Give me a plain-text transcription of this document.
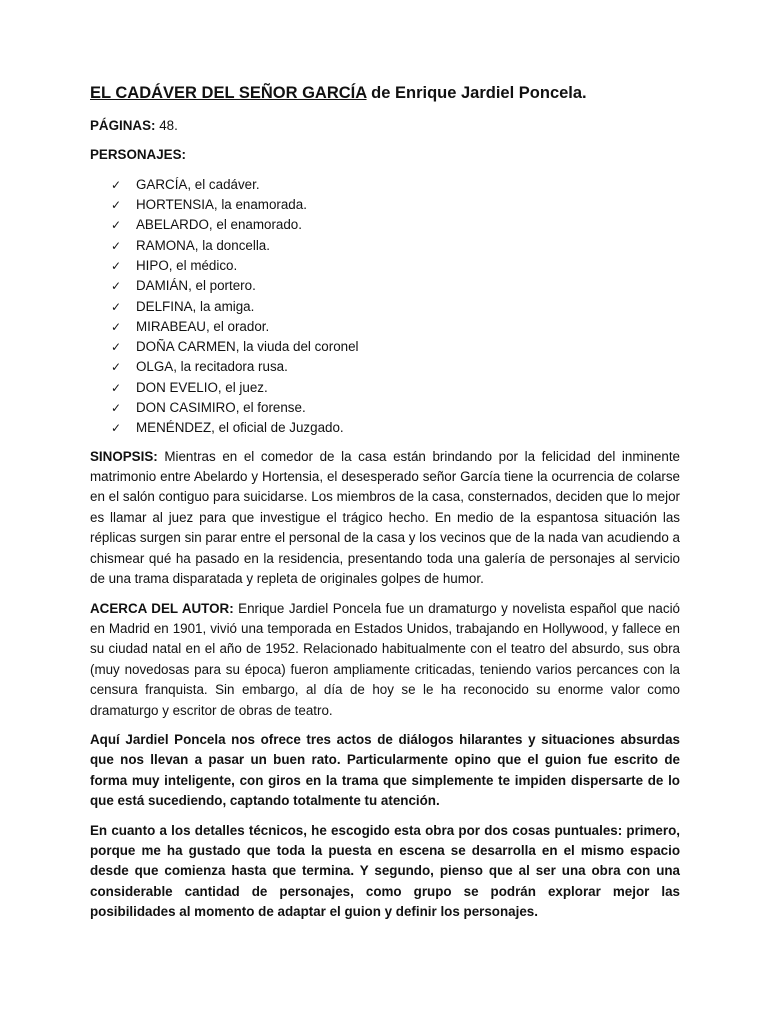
EL CADÁVER DEL SEÑOR GARCÍA de Enrique Jardiel Poncela.

PÁGINAS: 48.

PERSONAJES:

✓ GARCÍA, el cadáver.
✓ HORTENSIA, la enamorada.
✓ ABELARDO, el enamorado.
✓ RAMONA, la doncella.
✓ HIPO, el médico.
✓ DAMIÁN, el portero.
✓ DELFINA, la amiga.
✓ MIRABEAU, el orador.
✓ DOÑA CARMEN, la viuda del coronel
✓ OLGA, la recitadora rusa.
✓ DON EVELIO, el juez.
✓ DON CASIMIRO, el forense.
✓ MENÉNDEZ, el oficial de Juzgado.

SINOPSIS: Mientras en el comedor de la casa están brindando por la felicidad del inminente matrimonio entre Abelardo y Hortensia, el desesperado señor García tiene la ocurrencia de colarse en el salón contiguo para suicidarse. Los miembros de la casa, consternados, deciden que lo mejor es llamar al juez para que investigue el trágico hecho. En medio de la espantosa situación las réplicas surgen sin parar entre el personal de la casa y los vecinos que de la nada van acudiendo a chismear qué ha pasado en la residencia, presentando toda una galería de personajes al servicio de una trama disparatada y repleta de originales golpes de humor.

ACERCA DEL AUTOR: Enrique Jardiel Poncela fue un dramaturgo y novelista español que nació en Madrid en 1901, vivió una temporada en Estados Unidos, trabajando en Hollywood, y fallece en su ciudad natal en el año de 1952. Relacionado habitualmente con el teatro del absurdo, sus obra (muy novedosas para su época) fueron ampliamente criticadas, teniendo varios percances con la censura franquista. Sin embargo, al día de hoy se le ha reconocido su enorme valor como dramaturgo y escritor de obras de teatro.

Aquí Jardiel Poncela nos ofrece tres actos de diálogos hilarantes y situaciones absurdas que nos llevan a pasar un buen rato. Particularmente opino que el guion fue escrito de forma muy inteligente, con giros en la trama que simplemente te impiden dispersarte de lo que está sucediendo, captando totalmente tu atención.

En cuanto a los detalles técnicos, he escogido esta obra por dos cosas puntuales: primero, porque me ha gustado que toda la puesta en escena se desarrolla en el mismo espacio desde que comienza hasta que termina. Y segundo, pienso que al ser una obra con una considerable cantidad de personajes, como grupo se podrán explorar mejor las posibilidades al momento de adaptar el guion y definir los personajes.
